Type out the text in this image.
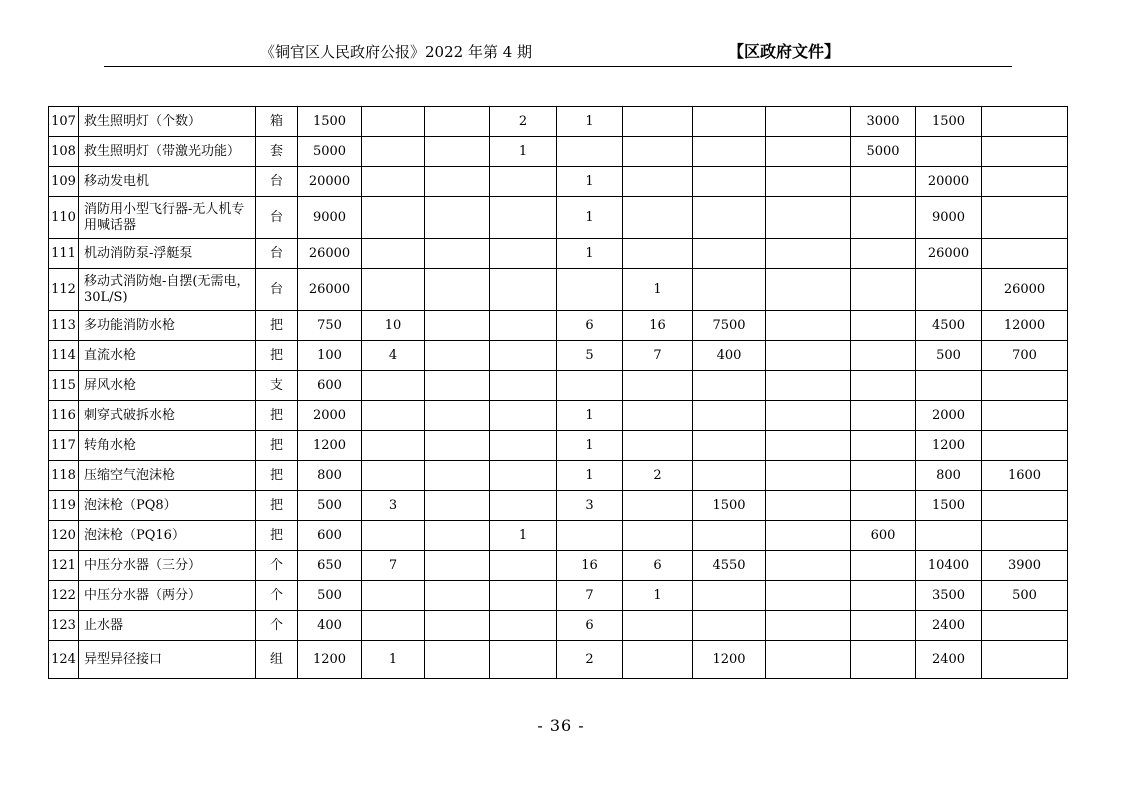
《铜官区人民政府公报》2022 年第 4 期	【区政府文件】
107	救生照明灯（个数）	箱	1500			2	1				3000	1500	
108	救生照明灯（带激光功能）	套	5000			1					5000		
109	移动发电机	台	20000				1					20000	
110	消防用小型飞行器-无人机专用喊话器	台	9000				1					9000	
111	机动消防泵-浮艇泵	台	26000				1					26000	
112	移动式消防炮-自摆(无需电，30L/S)	台	26000					1					26000
113	多功能消防水枪	把	750	10			6	16	7500			4500	12000
114	直流水枪	把	100	4			5	7	400			500	700
115	屏风水枪	支	600										
116	刺穿式破拆水枪	把	2000				1					2000	
117	转角水枪	把	1200				1					1200	
118	压缩空气泡沫枪	把	800				1	2				800	1600
119	泡沫枪（PQ8）	把	500	3			3		1500			1500	
120	泡沫枪（PQ16）	把	600			1					600		
121	中压分水器（三分）	个	650	7			16	6	4550			10400	3900
122	中压分水器（两分）	个	500				7	1				3500	500
123	止水器	个	400				6					2400	
124	异型异径接口	组	1200	1			2		1200			2400	
- 36 -
